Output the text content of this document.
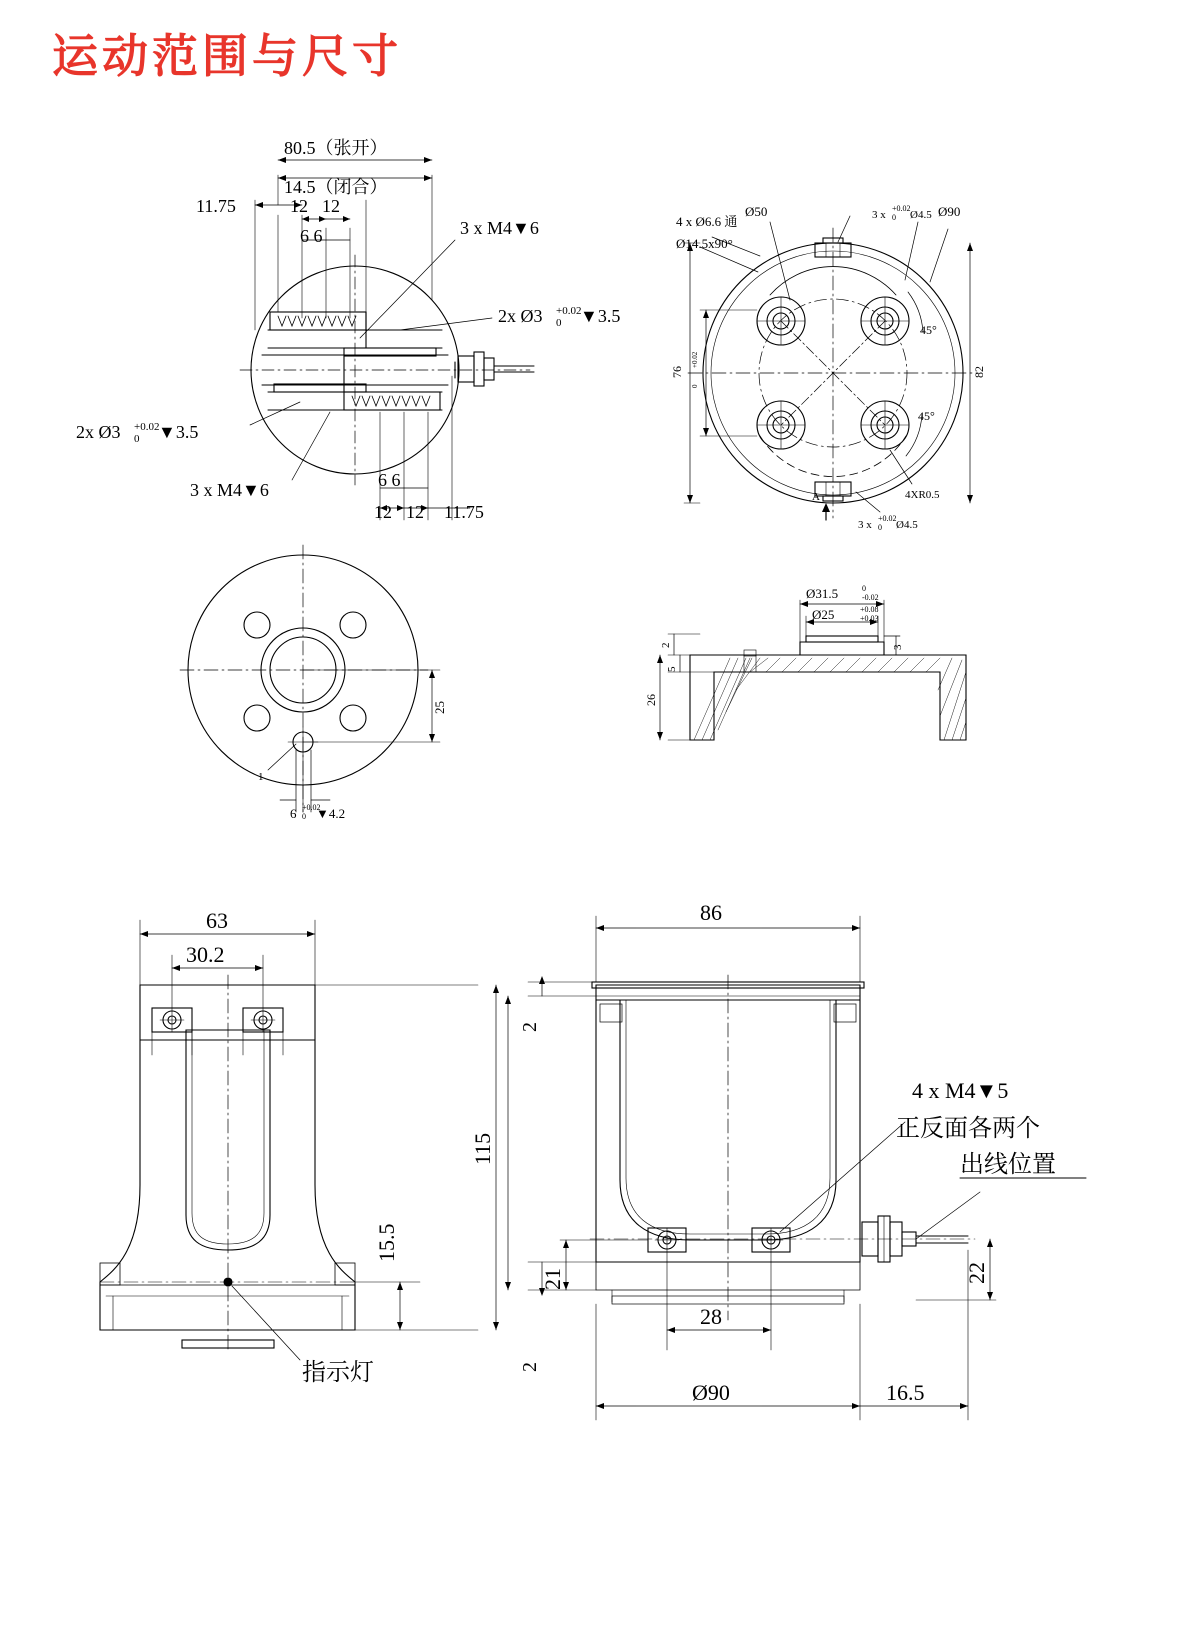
运动范围与尺寸
80.5（张开）
14.5（闭合）
11.75	12 12
6 6	3 x M4▼6
2x Ø3 +0.02
0 ▼3.5
2x Ø3 +0.02
0 ▼3.5
3 x M4▼6	6 6
12 12 11.75
4 x Ø6.6 通
Ø14.5x90°
Ø50	Ø90
3 x
+0.02
0 Ø4.5
3 x
+0.02
0 Ø4.5
45°
45°
76
+0.02
0
82
4XR0.5
A
25
1
6 +0.02
0 ▼4.2
Ø31.5	0
-0.02
Ø25	+0.08
+0.03
3
2
5
26
63
30.2
115
15.5
指示灯
86
2
2
21
28
Ø90	16.5
22
4 x M4▼5
正反面各两个
出线位置
